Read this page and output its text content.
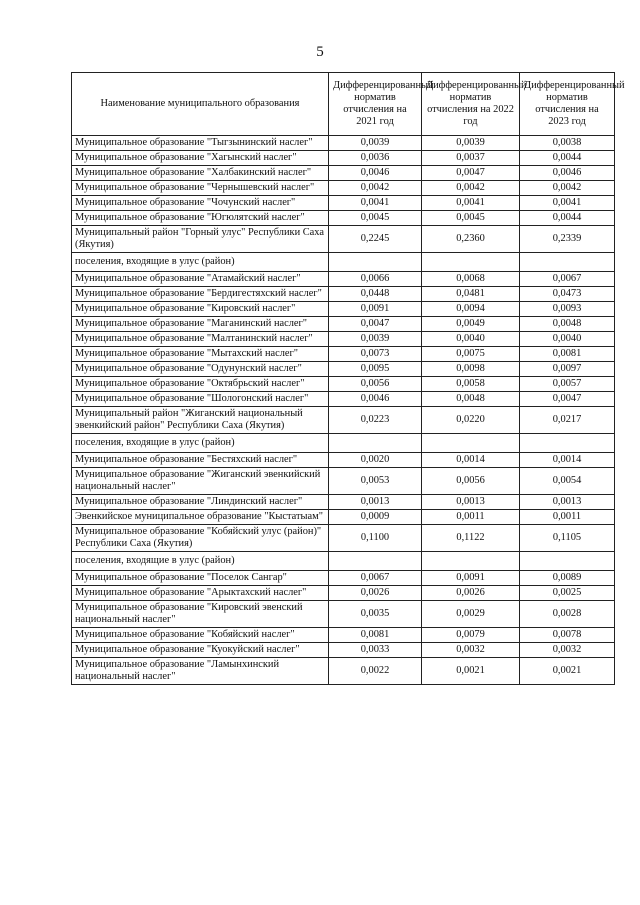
5
Наименование муниципального образования	Дифференцированный норматив отчисления на 2021 год	Дифференцированный норматив отчисления на 2022 год	Дифференцированный норматив отчисления на 2023 год
Муниципальное образование "Тыгзынинский наслег"	0,0039	0,0039	0,0038
Муниципальное образование "Хагынский наслег"	0,0036	0,0037	0,0044
Муниципальное образование "Халбакинский наслег"	0,0046	0,0047	0,0046
Муниципальное образование "Чернышевский наслег"	0,0042	0,0042	0,0042
Муниципальное образование "Чочунский наслег"	0,0041	0,0041	0,0041
Муниципальное образование "Югюлятский наслег"	0,0045	0,0045	0,0044
Муниципальный район "Горный улус" Республики Саха (Якутия)	0,2245	0,2360	0,2339
поселения, входящие в улус (район)			
Муниципальное образование "Атамайский наслег"	0,0066	0,0068	0,0067
Муниципальное образование "Бердигестяхский наслег"	0,0448	0,0481	0,0473
Муниципальное образование "Кировский наслег"	0,0091	0,0094	0,0093
Муниципальное образование "Маганинский наслег"	0,0047	0,0049	0,0048
Муниципальное образование "Малтанинский наслег"	0,0039	0,0040	0,0040
Муниципальное образование "Мытахский наслег"	0,0073	0,0075	0,0081
Муниципальное образование "Одунунский наслег"	0,0095	0,0098	0,0097
Муниципальное образование "Октябрьский наслег"	0,0056	0,0058	0,0057
Муниципальное образование "Шологонский наслег"	0,0046	0,0048	0,0047
Муниципальный район "Жиганский национальный эвенкийский район" Республики Саха (Якутия)	0,0223	0,0220	0,0217
поселения, входящие в улус (район)			
Муниципальное образование "Бестяхский наслег"	0,0020	0,0014	0,0014
Муниципальное образование "Жиганский эвенкийский национальный наслег"	0,0053	0,0056	0,0054
Муниципальное образование "Линдинский наслег"	0,0013	0,0013	0,0013
Эвенкийское муниципальное образование "Кыстатыам"	0,0009	0,0011	0,0011
Муниципальное образование "Кобяйский улус (район)" Республики Саха (Якутия)	0,1100	0,1122	0,1105
поселения, входящие в улус (район)			
Муниципальное образование "Поселок Сангар"	0,0067	0,0091	0,0089
Муниципальное образование "Арыктахский наслег"	0,0026	0,0026	0,0025
Муниципальное образование "Кировский эвенский национальный наслег"	0,0035	0,0029	0,0028
Муниципальное образование "Кобяйский наслег"	0,0081	0,0079	0,0078
Муниципальное образование "Куокуйский наслег"	0,0033	0,0032	0,0032
Муниципальное образование "Ламынхинский национальный наслег"	0,0022	0,0021	0,0021
